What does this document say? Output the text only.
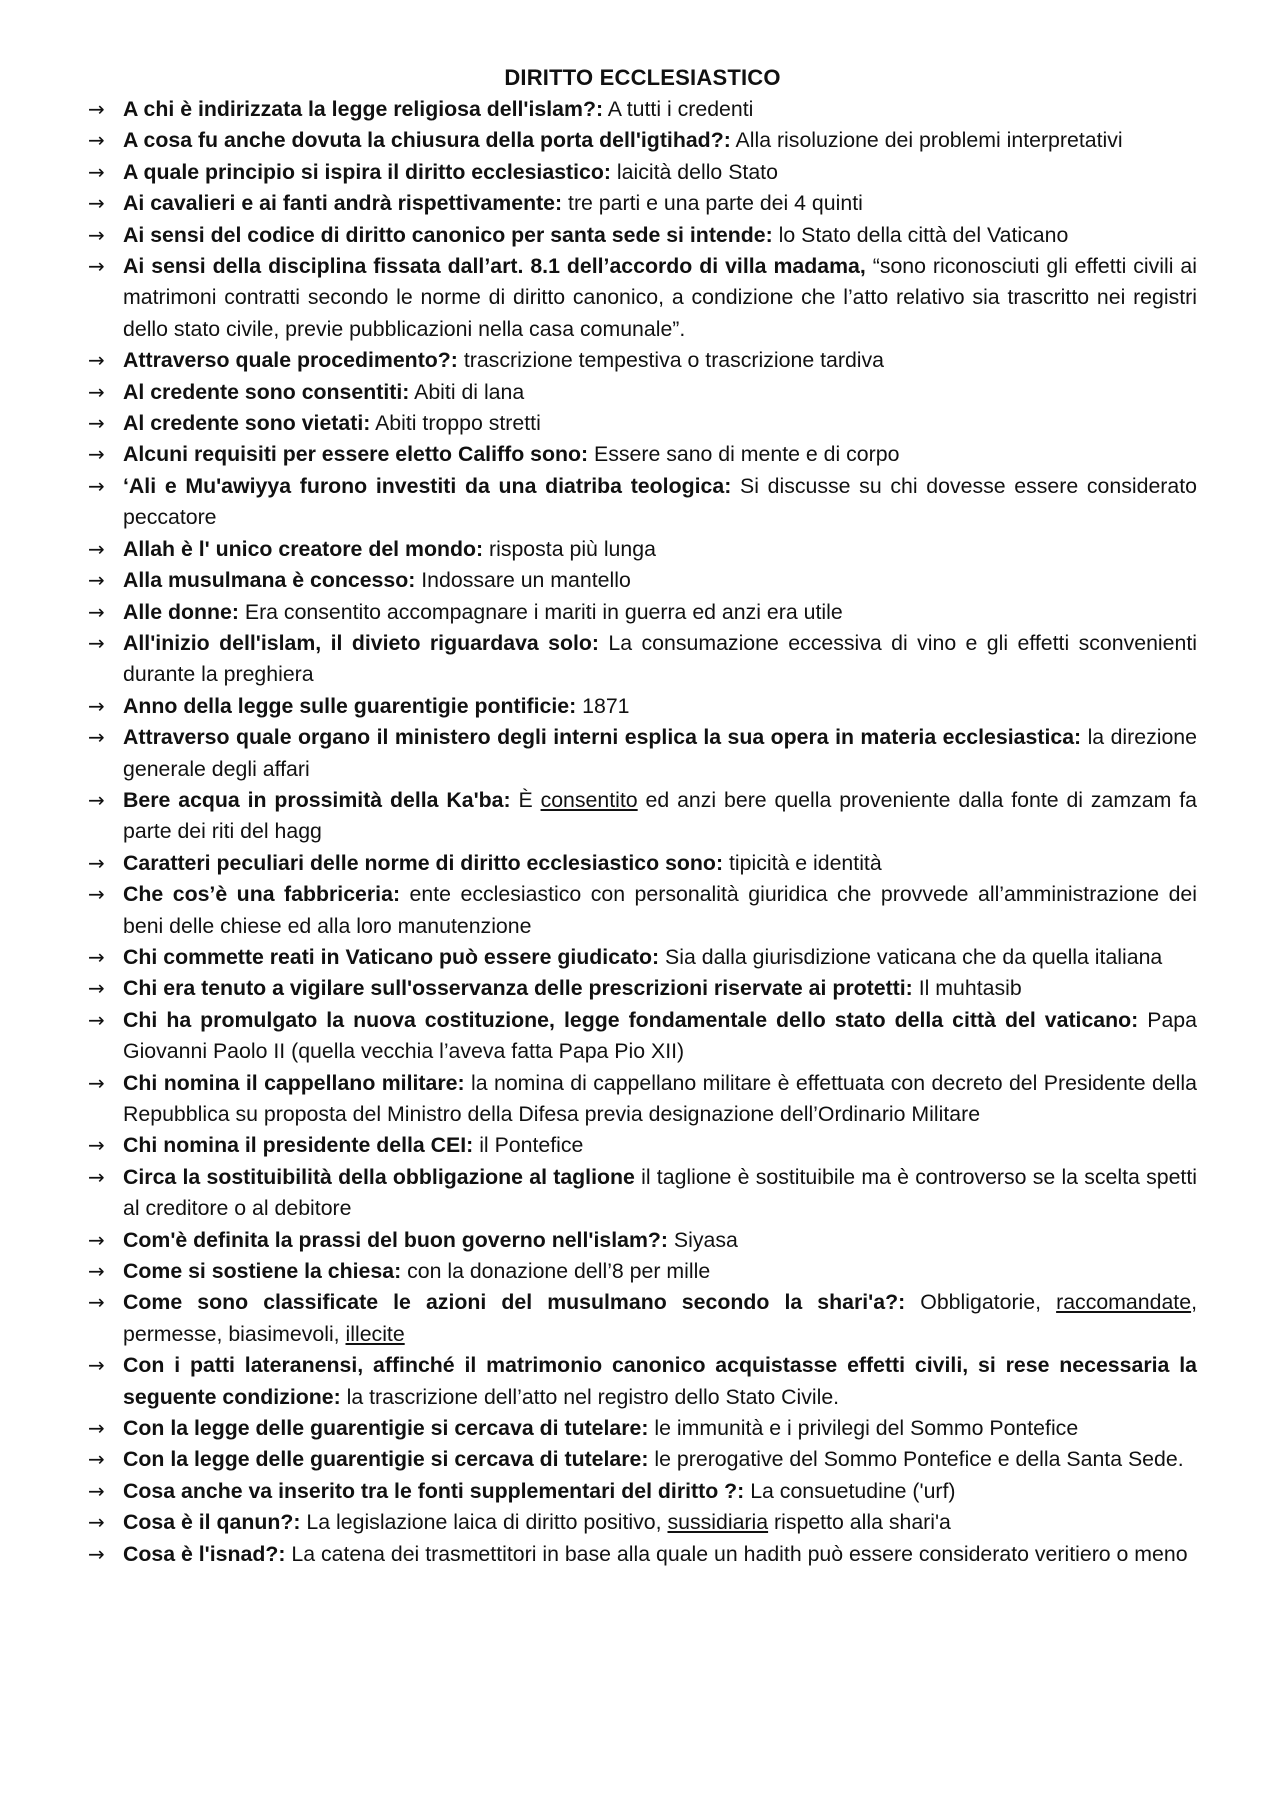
DIRITTO ECCLESIASTICO
→ A chi è indirizzata la legge religiosa dell'islam?: A tutti i credenti
→ A cosa fu anche dovuta la chiusura della porta dell'igtihad?: Alla risoluzione dei problemi interpretativi
→ A quale principio si ispira il diritto ecclesiastico: laicità dello Stato
→ Ai cavalieri e ai fanti andrà rispettivamente: tre parti e una parte dei 4 quinti
→ Ai sensi del codice di diritto canonico per santa sede si intende: lo Stato della città del Vaticano
→ Ai sensi della disciplina fissata dall’art. 8.1 dell’accordo di villa madama, “sono riconosciuti gli effetti civili ai matrimoni contratti secondo le norme di diritto canonico, a condizione che l’atto relativo sia trascritto nei registri dello stato civile, previe pubblicazioni nella casa comunale”.
→ Attraverso quale procedimento?: trascrizione tempestiva o trascrizione tardiva
→ Al credente sono consentiti: Abiti di lana
→ Al credente sono vietati: Abiti troppo stretti
→ Alcuni requisiti per essere eletto Califfo sono: Essere sano di mente e di corpo
→ ‘Ali e Mu'awiyya furono investiti da una diatriba teologica: Si discusse su chi dovesse essere considerato peccatore
→ Allah è l' unico creatore del mondo: risposta più lunga
→ Alla musulmana è concesso: Indossare un mantello
→ Alle donne: Era consentito accompagnare i mariti in guerra ed anzi era utile
→ All'inizio dell'islam, il divieto riguardava solo: La consumazione eccessiva di vino e gli effetti sconvenienti durante la preghiera
→ Anno della legge sulle guarentigie pontificie: 1871
→ Attraverso quale organo il ministero degli interni esplica la sua opera in materia ecclesiastica: la direzione generale degli affari
→ Bere acqua in prossimità della Ka'ba: È consentito ed anzi bere quella proveniente dalla fonte di zamzam fa parte dei riti del hagg
→ Caratteri peculiari delle norme di diritto ecclesiastico sono: tipicità e identità
→ Che cos’è una fabbriceria: ente ecclesiastico con personalità giuridica che provvede all’amministrazione dei beni delle chiese ed alla loro manutenzione
→ Chi commette reati in Vaticano può essere giudicato: Sia dalla giurisdizione vaticana che da quella italiana
→ Chi era tenuto a vigilare sull'osservanza delle prescrizioni riservate ai protetti: Il muhtasib
→ Chi ha promulgato la nuova costituzione, legge fondamentale dello stato della città del vaticano: Papa Giovanni Paolo II (quella vecchia l’aveva fatta Papa Pio XII)
→ Chi nomina il cappellano militare: la nomina di cappellano militare è effettuata con decreto del Presidente della Repubblica su proposta del Ministro della Difesa previa designazione dell’Ordinario Militare
→ Chi nomina il presidente della CEI: il Pontefice
→ Circa la sostituibilità della obbligazione al taglione il taglione è sostituibile ma è controverso se la scelta spetti al creditore o al debitore
→ Com'è definita la prassi del buon governo nell'islam?: Siyasa
→ Come si sostiene la chiesa: con la donazione dell’8 per mille
→ Come sono classificate le azioni del musulmano secondo la shari'a?: Obbligatorie, raccomandate, permesse, biasimevoli, illecite
→ Con i patti lateranensi, affinché il matrimonio canonico acquistasse effetti civili, si rese necessaria la seguente condizione: la trascrizione dell’atto nel registro dello Stato Civile.
→ Con la legge delle guarentigie si cercava di tutelare: le immunità e i privilegi del Sommo Pontefice
→ Con la legge delle guarentigie si cercava di tutelare: le prerogative del Sommo Pontefice e della Santa Sede.
→ Cosa anche va inserito tra le fonti supplementari del diritto ?: La consuetudine ('urf)
→ Cosa è il qanun?: La legislazione laica di diritto positivo, sussidiaria rispetto alla shari'a
→ Cosa è l'isnad?: La catena dei trasmettitori in base alla quale un hadith può essere considerato veritiero o meno
